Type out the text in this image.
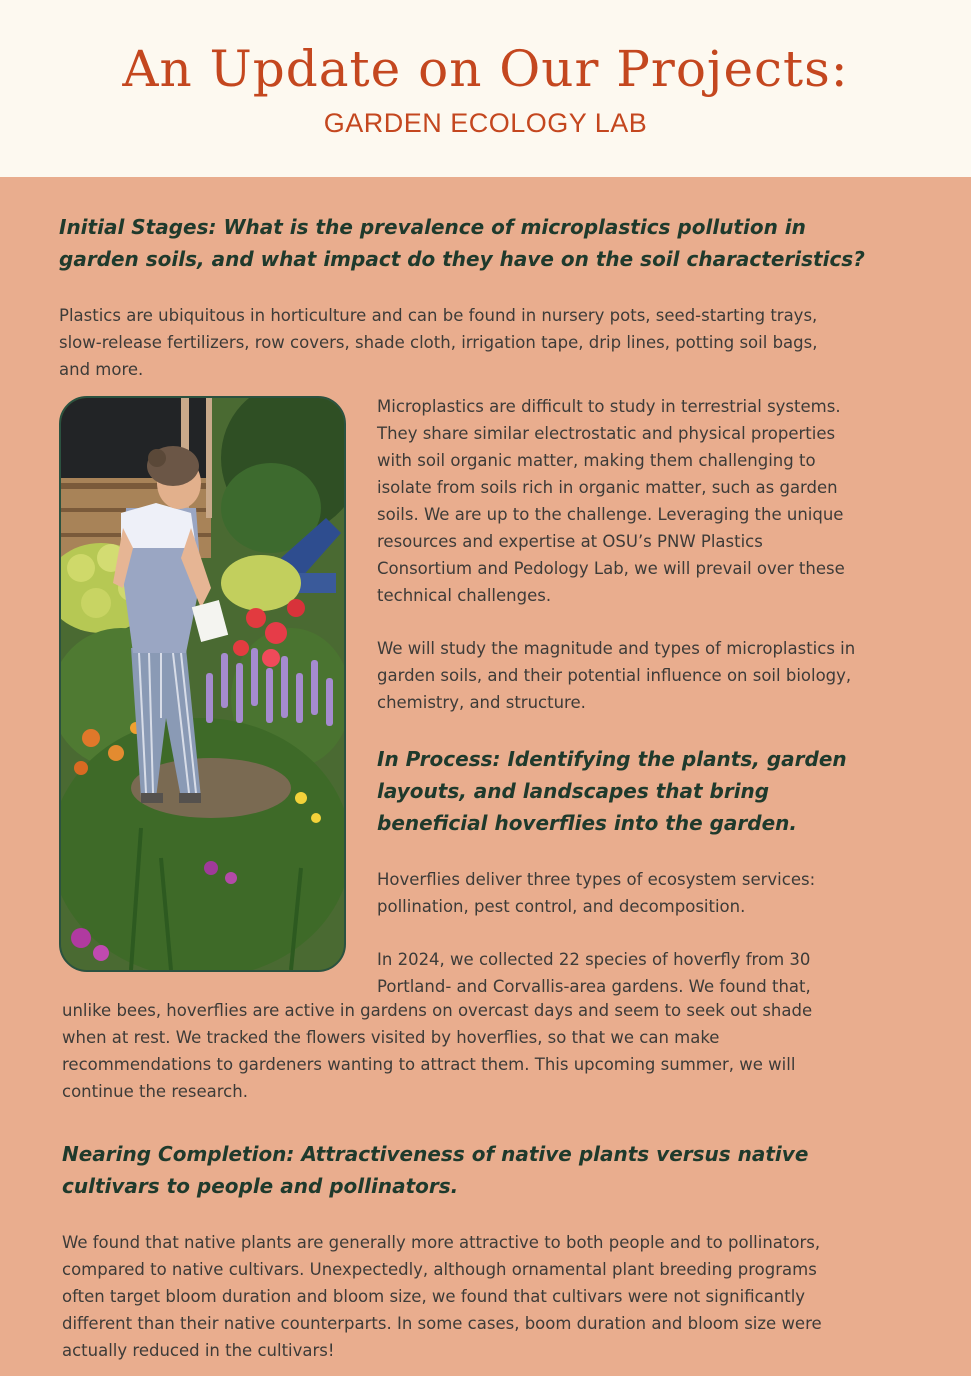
An Update on Our Projects:
GARDEN ECOLOGY LAB
Initial Stages: What is the prevalence of microplastics pollution in
garden soils, and what impact do they have on the soil characteristics?

Plastics are ubiquitous in horticulture and can be found in nursery pots, seed-starting trays,
slow-release fertilizers, row covers, shade cloth, irrigation tape, drip lines, potting soil bags,
and more.

Microplastics are difficult to study in terrestrial systems.
They share similar electrostatic and physical properties
with soil organic matter, making them challenging to
isolate from soils rich in organic matter, such as garden
soils. We are up to the challenge. Leveraging the unique
resources and expertise at OSU’s PNW Plastics
Consortium and Pedology Lab, we will prevail over these
technical challenges.

We will study the magnitude and types of microplastics in
garden soils, and their potential influence on soil biology,
chemistry, and structure.

In Process: Identifying the plants, garden
layouts, and landscapes that bring
beneficial hoverflies into the garden.

Hoverflies deliver three types of ecosystem services:
pollination, pest control, and decomposition.

In 2024, we collected 22 species of hoverfly from 30
Portland- and Corvallis-area gardens. We found that,

unlike bees, hoverflies are active in gardens on overcast days and seem to seek out shade
when at rest. We tracked the flowers visited by hoverflies, so that we can make
recommendations to gardeners wanting to attract them. This upcoming summer, we will
continue the research.

Nearing Completion: Attractiveness of native plants versus native
cultivars to people and pollinators.

We found that native plants are generally more attractive to both people and to pollinators,
compared to native cultivars. Unexpectedly, although ornamental plant breeding programs
often target bloom duration and bloom size, we found that cultivars were not significantly
different than their native counterparts. In some cases, boom duration and bloom size were
actually reduced in the cultivars!
